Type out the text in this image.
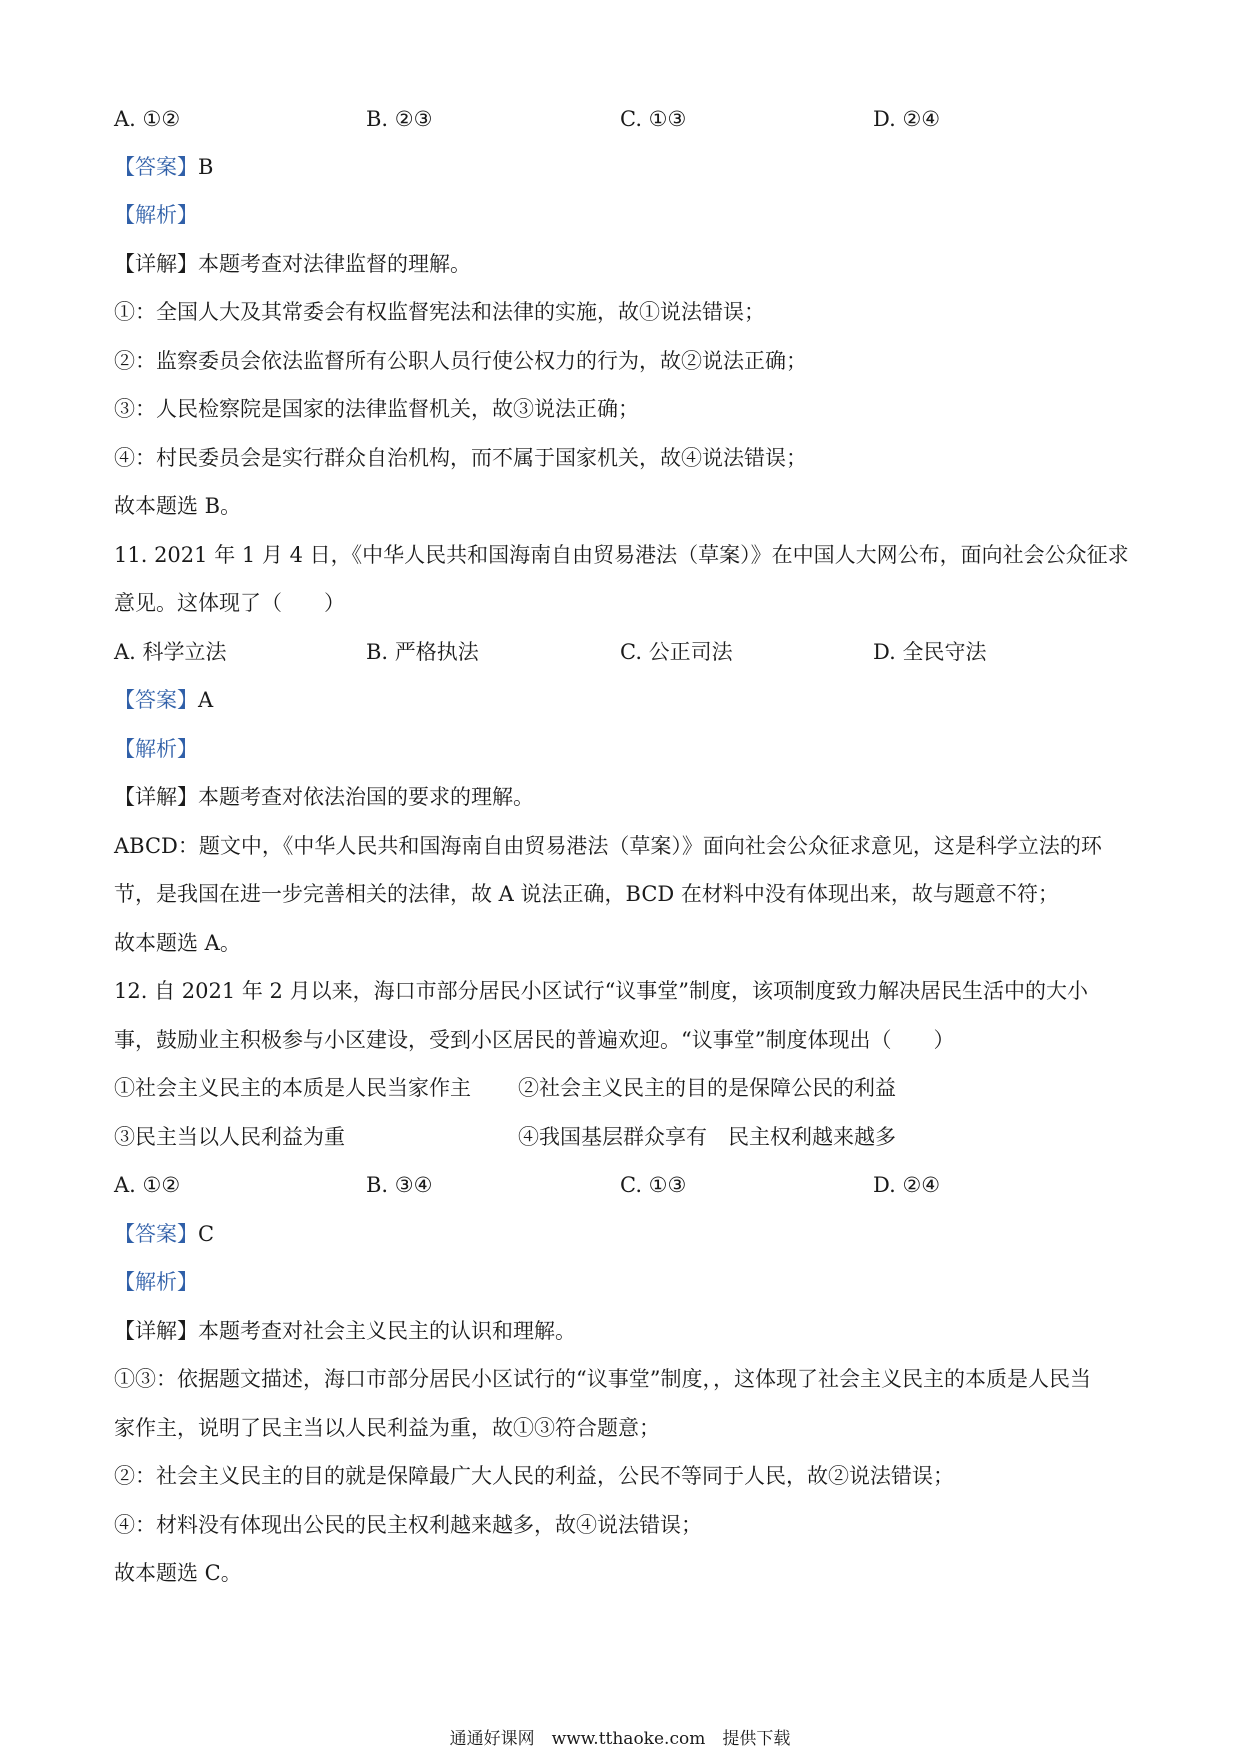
A. ①②	B. ②③	C. ①③	D. ②④
【答案】B
【解析】
【详解】本题考查对法律监督的理解。
①：全国人大及其常委会有权监督宪法和法律的实施，故①说法错误；
②：监察委员会依法监督所有公职人员行使公权力的行为，故②说法正确；
③：人民检察院是国家的法律监督机关，故③说法正确；
④：村民委员会是实行群众自治机构，而不属于国家机关，故④说法错误；
故本题选 B。
11. 2021 年 1 月 4 日，《中华人民共和国海南自由贸易港法（草案）》在中国人大网公布，面向社会公众征求
意见。这体现了（　　）
A. 科学立法	B. 严格执法	C. 公正司法	D. 全民守法
【答案】A
【解析】
【详解】本题考查对依法治国的要求的理解。
ABCD：题文中，《中华人民共和国海南自由贸易港法（草案）》面向社会公众征求意见，这是科学立法的环
节，是我国在进一步完善相关的法律，故 A 说法正确，BCD 在材料中没有体现出来，故与题意不符；
故本题选 A。
12. 自 2021 年 2 月以来，海口市部分居民小区试行“议事堂”制度，该项制度致力解决居民生活中的大小
事，鼓励业主积极参与小区建设，受到小区居民的普遍欢迎。“议事堂”制度体现出（　　）
①社会主义民主的本质是人民当家作主 ②社会主义民主的目的是保障公民的利益
③民主当以人民利益为重	④我国基层群众享有　民主权利越来越多
A. ①②	B. ③④	C. ①③	D. ②④
【答案】C
【解析】
【详解】本题考查对社会主义民主的认识和理解。
①③：依据题文描述，海口市部分居民小区试行的“议事堂”制度，，这体现了社会主义民主的本质是人民当
家作主，说明了民主当以人民利益为重，故①③符合题意；
②：社会主义民主的目的就是保障最广大人民的利益，公民不等同于人民，故②说法错误；
④：材料没有体现出公民的民主权利越来越多，故④说法错误；
故本题选 C。
通通好课网　www.tthaoke.com　提供下载
